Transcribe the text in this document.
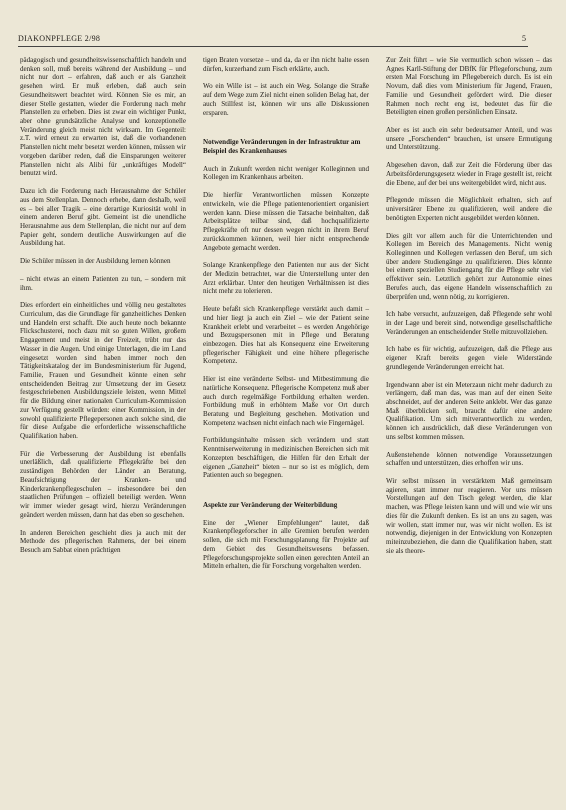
DIAKONPFLEGE 2/98	5

pädagogisch und gesundheitswissenschaftlich handeln und denken soll, muß bereits während der Ausbildung – und nicht nur dort – erfahren, daß auch er als Ganzheit gesehen wird. Er muß erleben, daß auch sein Gesundheitswert beachtet wird. Können Sie es mir, an dieser Stelle gestatten, wieder die Forderung nach mehr Planstellen zu erheben. Dies ist zwar ein wichtiger Punkt, aber ohne grundsätzliche Analyse und konzeptionelle Veränderung gleich meist nicht wirksam. Im Gegenteil: z.T. wird erneut zu erwarten ist, daß die vorhandenen Planstellen nicht mehr besetzt werden können, müssen wir vorgeben darüber reden, daß die Einsparungen weiterer Planstellen nicht als Alibi für „unkräftiges Modell“ benutzt wird.

Dazu ich die Forderung nach Herausnahme der Schüler aus dem Stellenplan. Dennoch erhebe, dann deshalb, weil es – bei aller Tragik – eine derartige Kuriosität wohl in einem anderen Beruf gibt. Gemeint ist die unendliche Herausnahme aus dem Stellenplan, die nicht nur auf dem Papier geht, sondern deutliche Auswirkungen auf die Ausbildung hat.

Die Schüler müssen in der Ausbildung lernen können

– nicht etwas an einem Patienten zu tun, – sondern mit ihm.

Dies erfordert ein einheitliches und völlig neu gestaltetes Curriculum, das die Grundlage für ganzheitliches Denken und Handeln erst schafft. Die auch heute noch bekannte Flickschusterei, noch dazu mit so guten Willen, großem Engagement und meist in der Freizeit, trübt nur das Wasser in die Augen. Und einige Unterlagen, die im Land eingesetzt worden sind haben immer noch den Tätigkeitskatalog der im Bundesministerium für Jugend, Familie, Frauen und Gesundheit könnte einen sehr entscheidenden Beitrag zur Umsetzung der im Gesetz festgeschriebenen Ausbildungsziele leisten, wenn Mittel für die Bildung einer nationalen Curriculum-Kommission zur Verfügung gestellt würden: einer Kommission, in der sowohl qualifizierte Pflegepersonen auch solche sind, die für diese Aufgabe die erforderliche wissenschaftliche Qualifikation haben.

Für die Verbesserung der Ausbildung ist ebenfalls unerläßlich, daß qualifizierte Pflegekräfte bei den zuständigen Behörden der Länder an Beratung, Beaufsichtigung der Kranken- und Kinderkrankenpflegeschulen – insbesondere bei den staatlichen Prüfungen – offiziell beteiligt werden. Wenn wir immer wieder gesagt wird, hierzu Veränderungen geändert werden müssen, dann hat das eben so geschehen.

In anderen Bereichen geschieht dies ja auch mit der Methode des pflegerischen Rahmens, der bei einem Besuch am Sabbat einen prächtigen

tigen Braten vorsetze – und da, da er ihn nicht halte essen dürfen, kurzerhand zum Fisch erklärte, auch.

Wo ein Wille ist – ist auch ein Weg. Solange die Straße auf dem Wege zum Ziel nicht einen soliden Belag hat, der auch Stillfest ist, können wir uns alle Diskussionen ersparen.

Notwendige Veränderungen in der Infrastruktur am Beispiel des Krankenhauses

Auch in Zukunft werden nicht weniger Kolleginnen und Kollegen im Krankenhaus arbeiten.

Die hierfür Verantwortlichen müssen Konzepte entwickeln, wie die Pflege patientenorientiert organisiert werden kann. Diese müssen die Tatsache beinhalten, daß Arbeitsplätze teilbar sind, daß hochqualifizierte Pflegekräfte oft nur dessen wegen nicht in ihrem Beruf zurückkommen können, weil hier nicht entsprechende Angebote gemacht werden.

Solange Krankenpflege den Patienten nur aus der Sicht der Medizin betrachtet, war die Unterstellung unter den Arzt erklärbar. Unter den heutigen Verhältnissen ist dies nicht mehr zu tolerieren.

Heute befaßt sich Krankenpflege verstärkt auch damit – und hier liegt ja auch ein Ziel – wie der Patient seine Krankheit erlebt und verarbeitet – es werden Angehörige und Bezugspersonen mit in Pflege und Beratung einbezogen. Dies hat als Konsequenz eine Erweiterung pflegerischer Fähigkeit und eine höhere pflegerische Kompetenz.

Hier ist eine veränderte Selbst- und Mitbestimmung die natürliche Konsequenz. Pflegerische Kompetenz muß aber auch durch regelmäßige Fortbildung erhalten werden. Fortbildung muß in erhöhtem Maße vor Ort durch Beratung und Begleitung geschehen. Motivation und Kompetenz wachsen nicht einfach nach wie Fingernägel.

Fortbildungsinhalte müssen sich verändern und statt Kenntniserweiterung in medizinischen Bereichen sich mit Konzepten beschäftigen, die Hilfen für den Erhalt der eigenen „Ganzheit“ bieten – nur so ist es möglich, dem Patienten auch so begegnen.

Aspekte zur Veränderung der Weiterbildung

Eine der „Wiener Empfehlungen“ lautet, daß Krankenpflegeforscher in alle Gremien berufen werden sollen, die sich mit Forschungsplanung für Projekte auf dem Gebiet des Gesundheitswesens befassen. Pflegeforschungsprojekte sollen einen gerechten Anteil an Mitteln erhalten, die für Forschung vorgehalten werden.

Zur Zeit führt – wie Sie vermutlich schon wissen – das Agnes Karll-Stiftung der DBfK für Pflegeforschung, zum ersten Mal Forschung im Pflegebereich durch. Es ist ein Novum, daß dies vom Ministerium für Jugend, Frauen, Familie und Gesundheit gefördert wird. Die dieser Rahmen noch recht eng ist, bedeutet das für die Beteiligten einen großen persönlichen Einsatz.

Aber es ist auch ein sehr bedeutsamer Anteil, und was unsere „Forschenden“ brauchen, ist unsere Ermutigung und Unterstützung.

Abgesehen davon, daß zur Zeit die Förderung über das Arbeitsförderungsgesetz wieder in Frage gestellt ist, reicht die Ebene, auf der bei uns weitergebildet wird, nicht aus.

Pflegende müssen die Möglichkeit erhalten, sich auf universitärer Ebene zu qualifizieren, weil andere die benötigten Experten nicht ausgebildet werden können.

Dies gilt vor allem auch für die Unterrichtenden und Kollegen im Bereich des Managements. Nicht wenig Kolleginnen und Kollegen verlassen den Beruf, um sich über andere Studiengänge zu qualifizieren. Dies könnte bei einem speziellen Studiengang für die Pflege sehr viel effektiver sein. Letztlich gehört zur Autonomie eines Berufes auch, das eigene Handeln wissenschaftlich zu überprüfen und, wenn nötig, zu korrigieren.

Ich habe versucht, aufzuzeigen, daß Pflegende sehr wohl in der Lage und bereit sind, notwendige gesellschaftliche Veränderungen an entscheidender Stelle mitzuvollziehen.

Ich habe es für wichtig, aufzuzeigen, daß die Pflege aus eigener Kraft bereits gegen viele Widerstände grundlegende Veränderungen erreicht hat.

Irgendwann aber ist ein Meterzaun nicht mehr dadurch zu verlängern, daß man das, was man auf der einen Seite abschneidet, auf der anderen Seite anklebt. Wer das ganze Maß überblicken soll, braucht dafür eine andere Qualifikation. Um sich mitverantwortlich zu werden, können ich ausdrücklich, daß diese Veränderungen von uns selbst kommen müssen.

Außenstehende können notwendige Voraussetzungen schaffen und unterstützen, dies erhoffen wir uns.

Wir selbst müssen in verstärktem Maß gemeinsam agieren, statt immer nur reagieren. Vor uns müssen Vorstellungen auf den Tisch gelegt werden, die klar machen, was Pflege leisten kann und will und wie wir uns dies für die Zukunft denken. Es ist an uns zu sagen, was wir wollen, statt immer nur, was wir nicht wollen. Es ist notwendig, diejenigen in der Entwicklung von Konzepten miteinzubeziehen, die dann die Qualifikation haben, statt sie als theore-
